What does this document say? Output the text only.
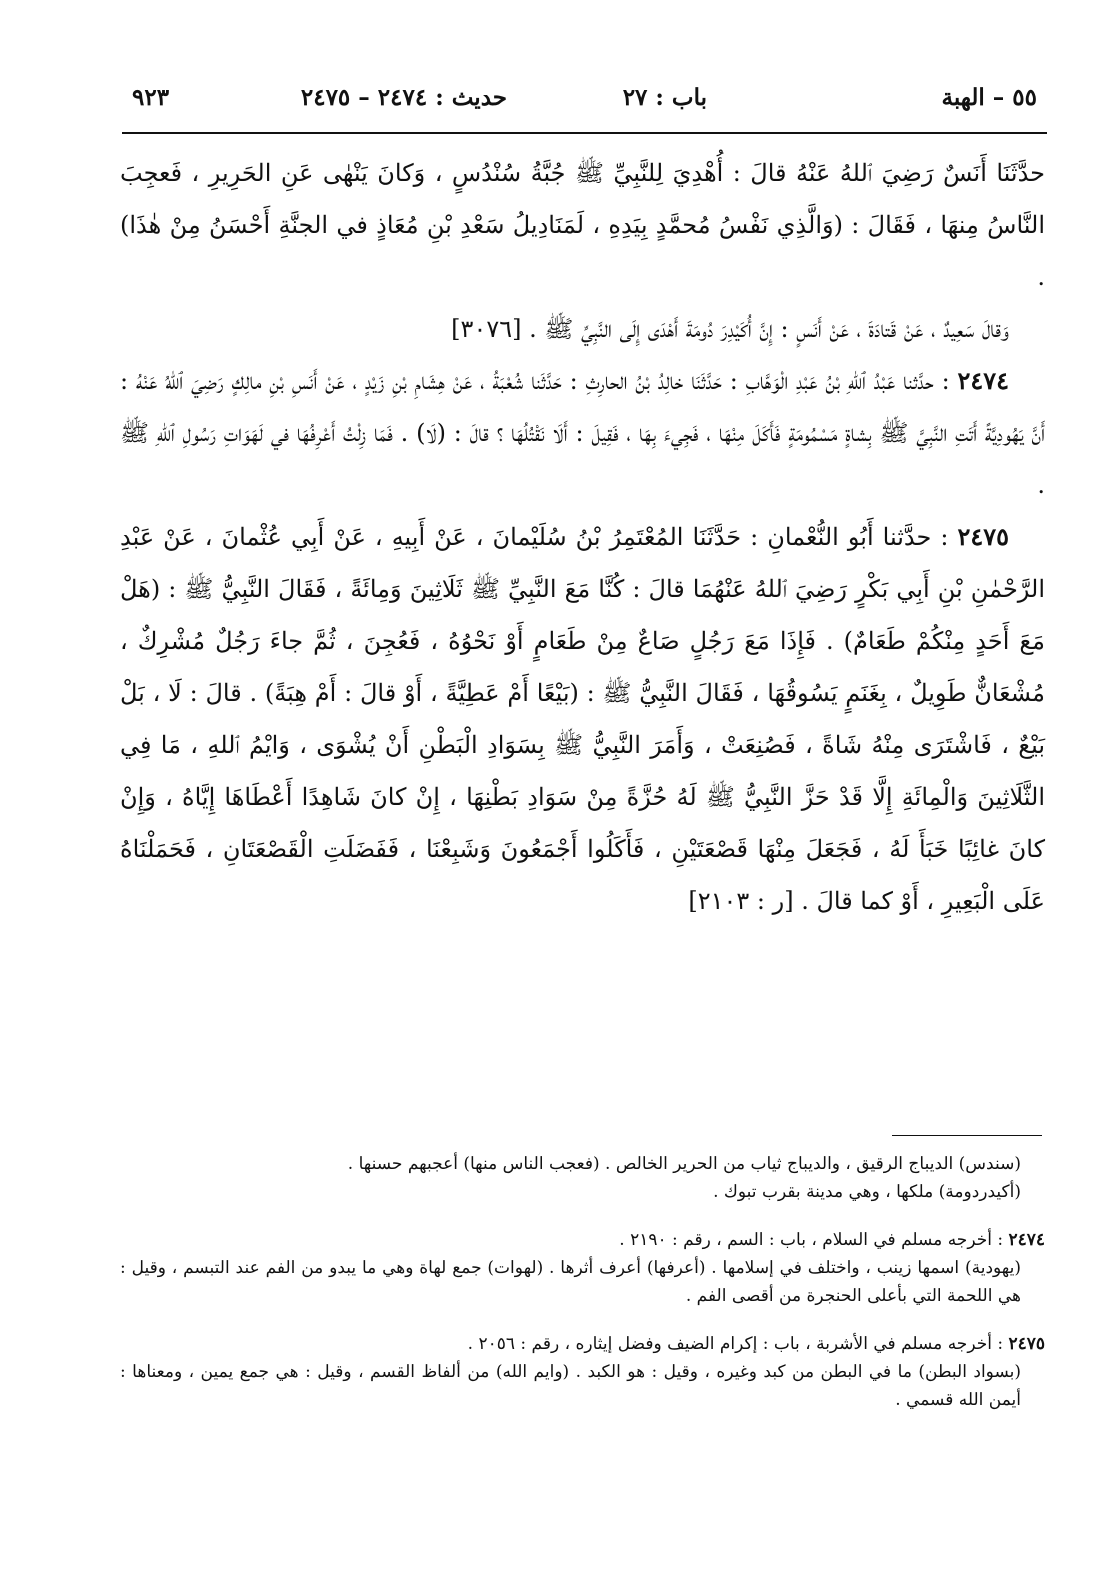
٥٥ – الهبة
باب : ٢٧
حديث : ٢٤٧٤ – ٢٤٧٥
٩٢٣

حدَّثَنَا أَنَسٌ رَضِيَ ٱللهُ عَنْهُ قالَ : أُهْدِيَ لِلنَّبِيِّ ﷺ جُبَّةُ سُنْدُسٍ ، وَكانَ يَنْهٰى عَنِ الحَرِيرِ ، فَعجِبَ النَّاسُ مِنهَا ، فَقَالَ : (وَالَّذِي نَفْسُ مُحمَّدٍ بِيَدِهِ ، لَمَنَادِيلُ سَعْدِ بْنِ مُعَاذٍ في الجنَّةِ أَحْسَنُ مِنْ هٰذَا) .

وَقالَ سَعِيدٌ ، عَنْ قَتادَةَ ، عَنْ أَنَسٍ : إِنَّ أُكَيْدِرَ دُومَةَ أَهْدَى إِلَى النَّبِيِّ ﷺ . [٣٠٧٦]

٢٤٧٤ : حدَّثنا عَبْدُ ٱللهِ بْنُ عَبْدِ الْوَهَّابِ : حَدَّثَنَا خالِدُ بْنُ الحارِثِ : حَدَّثَنا شُعْبَةُ ، عَنْ هِشَامِ بْنِ زَيْدٍ ، عَنْ أَنَسِ بْنِ مالِكٍ رَضِيَ ٱللهُ عَنْهُ : أَنَّ يَهُودِيَّةً أَتَتِ النَّبِيَّ ﷺ بِشاةٍ مَسْمُومَةٍ فَأَكَلَ مِنْهَا ، فَجِيءَ بِهَا ، فَقِيلَ : أَلَا نَقْتُلُهَا ؟ قالَ : (لَا) . فَمَا زِلْتُ أَعْرِفُهَا في لَهَوَاتِ رَسُولِ ٱللهِ ﷺ .

٢٤٧٥ : حدَّثنا أَبُو النُّعْمانِ : حَدَّثَنَا المُعْتَمِرُ بْنُ سُلَيْمانَ ، عَنْ أَبِيهِ ، عَنْ أَبِي عُثْمانَ ، عَنْ عَبْدِ الرَّحْمٰنِ بْنِ أَبِي بَكْرٍ رَضِيَ ٱللهُ عَنْهُمَا قالَ : كُنَّا مَعَ النَّبِيِّ ﷺ ثَلَاثِينَ وَمِائَةً ، فَقَالَ النَّبِيُّ ﷺ : (هَلْ مَعَ أَحَدٍ مِنْكُمْ طَعَامٌ) . فَإِذَا مَعَ رَجُلٍ صَاعٌ مِنْ طَعَامٍ أَوْ نَحْوُهُ ، فَعُجِنَ ، ثُمَّ جاءَ رَجُلٌ مُشْرِكٌ ، مُشْعَانٌّ طَوِيلٌ ، بِغَنَمٍ يَسُوقُهَا ، فَقَالَ النَّبِيُّ ﷺ : (بَيْعًا أَمْ عَطِيَّةً ، أَوْ قالَ : أَمْ هِبَةً) . قالَ : لَا ، بَلْ بَيْعٌ ، فَاشْتَرَى مِنْهُ شَاةً ، فَصُنِعَتْ ، وَأَمَرَ النَّبِيُّ ﷺ بِسَوَادِ الْبَطْنِ أَنْ يُشْوَى ، وَايْمُ ٱللهِ ، مَا فِي الثَّلَاثِينَ وَالْمِائَةِ إِلَّا قَدْ حَزَّ النَّبِيُّ ﷺ لَهُ حُزَّةً مِنْ سَوَادِ بَطْنِهَا ، إِنْ كانَ شَاهِدًا أَعْطَاهَا إِيَّاهُ ، وَإِنْ كانَ غائِبًا خَبَأَ لَهُ ، فَجَعَلَ مِنْهَا قَصْعَتَيْنِ ، فَأَكَلُوا أَجْمَعُونَ وَشَبِعْنَا ، فَفَضَلَتِ الْقَصْعَتَانِ ، فَحَمَلْنَاهُ عَلَى الْبَعِيرِ ، أَوْ كما قالَ . [ر : ٢١٠٣]

(سندس) الديباج الرقيق ، والديباج ثياب من الحرير الخالص . (فعجب الناس منها) أعجبهم حسنها .

(أكيدردومة) ملكها ، وهي مدينة بقرب تبوك .

٢٤٧٤ : أخرجه مسلم في السلام ، باب : السم ، رقم : ٢١٩٠ .

(يهودية) اسمها زينب ، واختلف في إسلامها . (أعرفها) أعرف أثرها . (لهوات) جمع لهاة وهي ما يبدو من الفم عند التبسم ، وقيل : هي اللحمة التي بأعلى الحنجرة من أقصى الفم .

٢٤٧٥ : أخرجه مسلم في الأشربة ، باب : إكرام الضيف وفضل إيثاره ، رقم : ٢٠٥٦ .

(بسواد البطن) ما في البطن من كبد وغيره ، وقيل : هو الكبد . (وايم الله) من ألفاظ القسم ، وقيل : هي جمع يمين ، ومعناها : أيمن الله قسمي .
